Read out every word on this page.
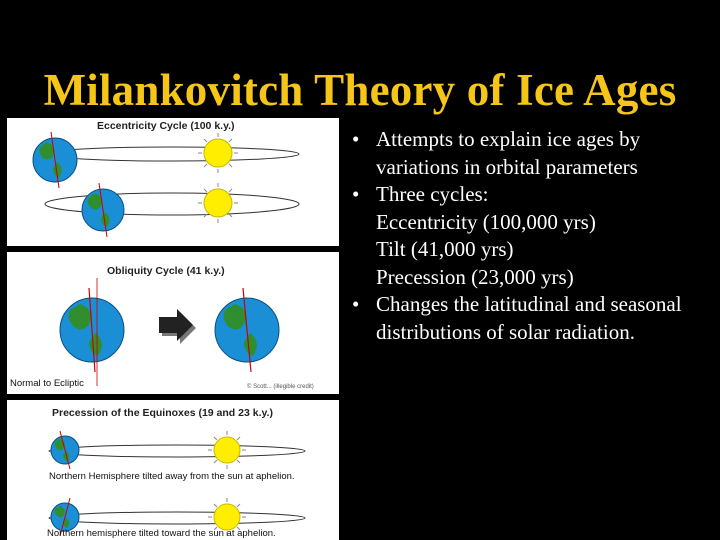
Milankovitch Theory of Ice Ages
Eccentricity Cycle (100 k.y.)
Obliquity Cycle (41 k.y.)
Normal to Ecliptic	© Scott... (illegible credit)
Precession of the Equinoxes (19 and 23 k.y.)
Northern Hemisphere tilted away from the sun at aphelion.
Northern hemisphere tilted toward the sun at aphelion.
• Attempts to explain ice ages by variations in orbital parameters
• Three cycles:
Eccentricity (100,000 yrs)
Tilt (41,000 yrs)
Precession (23,000 yrs)
• Changes the latitudinal and seasonal distributions of solar radiation.
